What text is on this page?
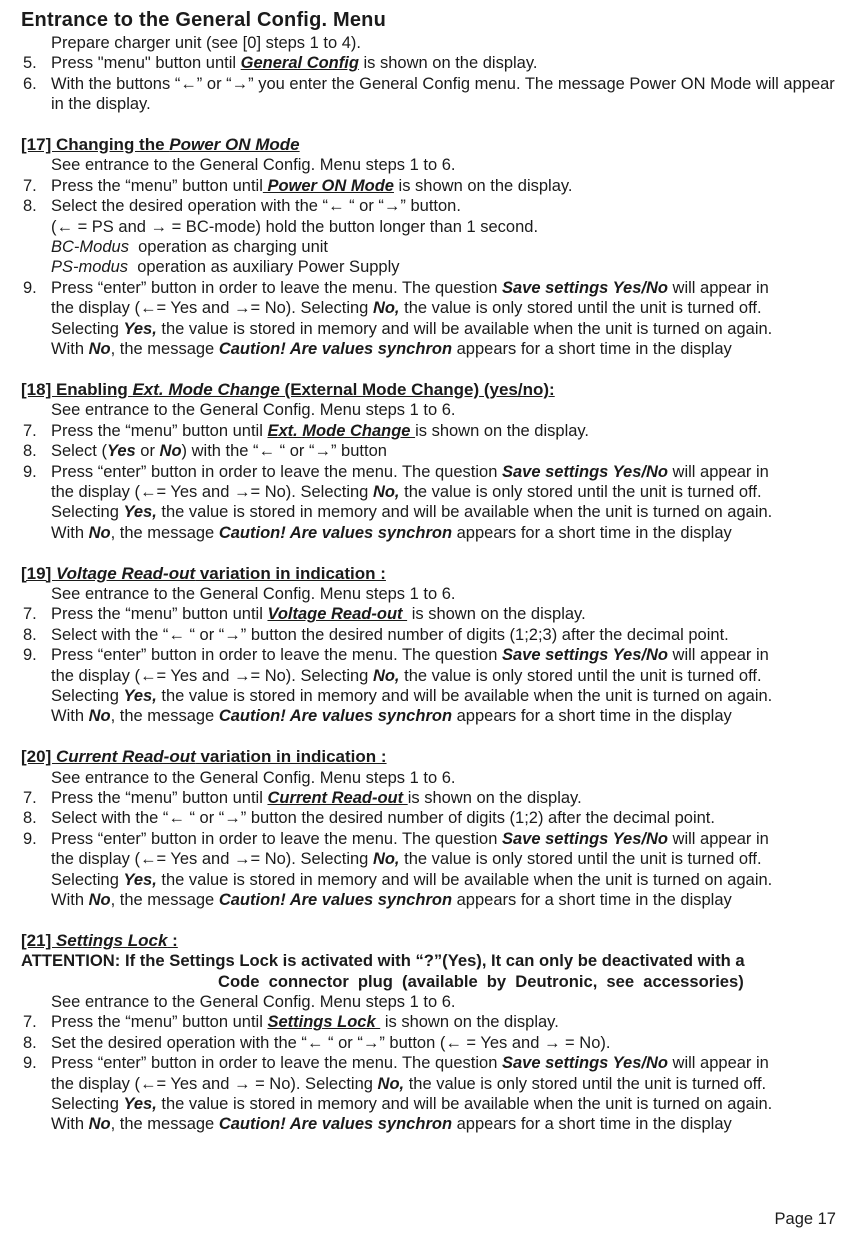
Entrance to the General Config. Menu
Prepare charger unit (see [0] steps 1 to 4).
5. Press "menu" button until General Config is shown on the display.
6. With the buttons “←” or “→” you enter the General Config menu. The message Power ON Mode will appear
in the display.
[17] Changing the Power ON Mode
See entrance to the General Config. Menu steps 1 to 6.
7. Press the “menu” button until Power ON Mode is shown on the display.
8. Select the desired operation with the “← “ or “→” button.
(← = PS and → = BC-mode) hold the button longer than 1 second.
BC-Modus  operation as charging unit
PS-modus  operation as auxiliary Power Supply
9. Press “enter” button in order to leave the menu. The question Save settings Yes/No will appear in
the display (←= Yes and →= No). Selecting No, the value is only stored until the unit is turned off.
Selecting Yes, the value is stored in memory and will be available when the unit is turned on again.
With No, the message Caution! Are values synchron appears for a short time in the display
[18] Enabling Ext. Mode Change (External Mode Change) (yes/no):
See entrance to the General Config. Menu steps 1 to 6.
7. Press the “menu” button until Ext. Mode Change is shown on the display.
8. Select (Yes or No) with the “← “ or “→” button
9. Press “enter” button in order to leave the menu. The question Save settings Yes/No will appear in
the display (←= Yes and →= No). Selecting No, the value is only stored until the unit is turned off.
Selecting Yes, the value is stored in memory and will be available when the unit is turned on again.
With No, the message Caution! Are values synchron appears for a short time in the display
[19] Voltage Read-out variation in indication :
See entrance to the General Config. Menu steps 1 to 6.
7. Press the “menu” button until Voltage Read-out  is shown on the display.
8. Select with the “← “ or “→” button the desired number of digits (1;2;3) after the decimal point.
9. Press “enter” button in order to leave the menu. The question Save settings Yes/No will appear in
the display (←= Yes and →= No). Selecting No, the value is only stored until the unit is turned off.
Selecting Yes, the value is stored in memory and will be available when the unit is turned on again.
With No, the message Caution! Are values synchron appears for a short time in the display
[20] Current Read-out variation in indication :
See entrance to the General Config. Menu steps 1 to 6.
7. Press the “menu” button until Current Read-out is shown on the display.
8. Select with the “← “ or “→” button the desired number of digits (1;2) after the decimal point.
9. Press “enter” button in order to leave the menu. The question Save settings Yes/No will appear in
the display (←= Yes and →= No). Selecting No, the value is only stored until the unit is turned off.
Selecting Yes, the value is stored in memory and will be available when the unit is turned on again.
With No, the message Caution! Are values synchron appears for a short time in the display
[21] Settings Lock :
ATTENTION: If the Settings Lock is activated with “?”(Yes), It can only be deactivated with a
Code connector plug (available by Deutronic, see accessories)
See entrance to the General Config. Menu steps 1 to 6.
7. Press the “menu” button until Settings Lock  is shown on the display.
8. Set the desired operation with the “← “ or “→” button (← = Yes and → = No).
9. Press “enter” button in order to leave the menu. The question Save settings Yes/No will appear in
the display (←= Yes and → = No). Selecting No, the value is only stored until the unit is turned off.
Selecting Yes, the value is stored in memory and will be available when the unit is turned on again.
With No, the message Caution! Are values synchron appears for a short time in the display
Page 17
